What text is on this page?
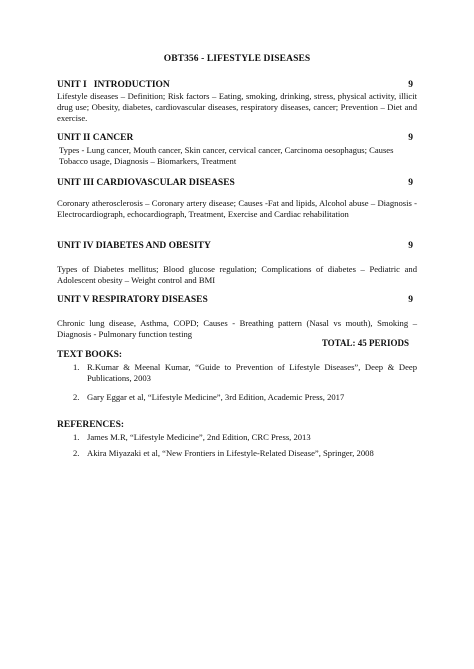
OBT356 - LIFESTYLE DISEASES
UNIT I   INTRODUCTION	9
Lifestyle diseases – Definition; Risk factors – Eating, smoking, drinking, stress, physical activity, illicit drug use; Obesity, diabetes, cardiovascular diseases, respiratory diseases, cancer; Prevention – Diet and exercise.
UNIT II CANCER	9
Types - Lung cancer, Mouth cancer, Skin cancer, cervical cancer, Carcinoma oesophagus; Causes Tobacco usage, Diagnosis – Biomarkers, Treatment
UNIT III CARDIOVASCULAR DISEASES	9
Coronary atherosclerosis – Coronary artery disease; Causes -Fat and lipids, Alcohol abuse – Diagnosis - Electrocardiograph, echocardiograph, Treatment, Exercise and Cardiac rehabilitation
UNIT IV DIABETES AND OBESITY	9
Types of Diabetes mellitus; Blood glucose regulation; Complications of diabetes – Pediatric and Adolescent obesity – Weight control and BMI
UNIT V RESPIRATORY DISEASES	9
Chronic lung disease, Asthma, COPD; Causes - Breathing pattern (Nasal vs mouth), Smoking – Diagnosis - Pulmonary function testing
TOTAL: 45 PERIODS
TEXT BOOKS:
1. R.Kumar & Meenal Kumar, “Guide to Prevention of Lifestyle Diseases”, Deep & Deep Publications, 2003
2. Gary Eggar et al, “Lifestyle Medicine”, 3rd Edition, Academic Press, 2017
REFERENCES:
1. James M.R, “Lifestyle Medicine”, 2nd Edition, CRC Press, 2013
2. Akira Miyazaki et al, “New Frontiers in Lifestyle-Related Disease”, Springer, 2008
